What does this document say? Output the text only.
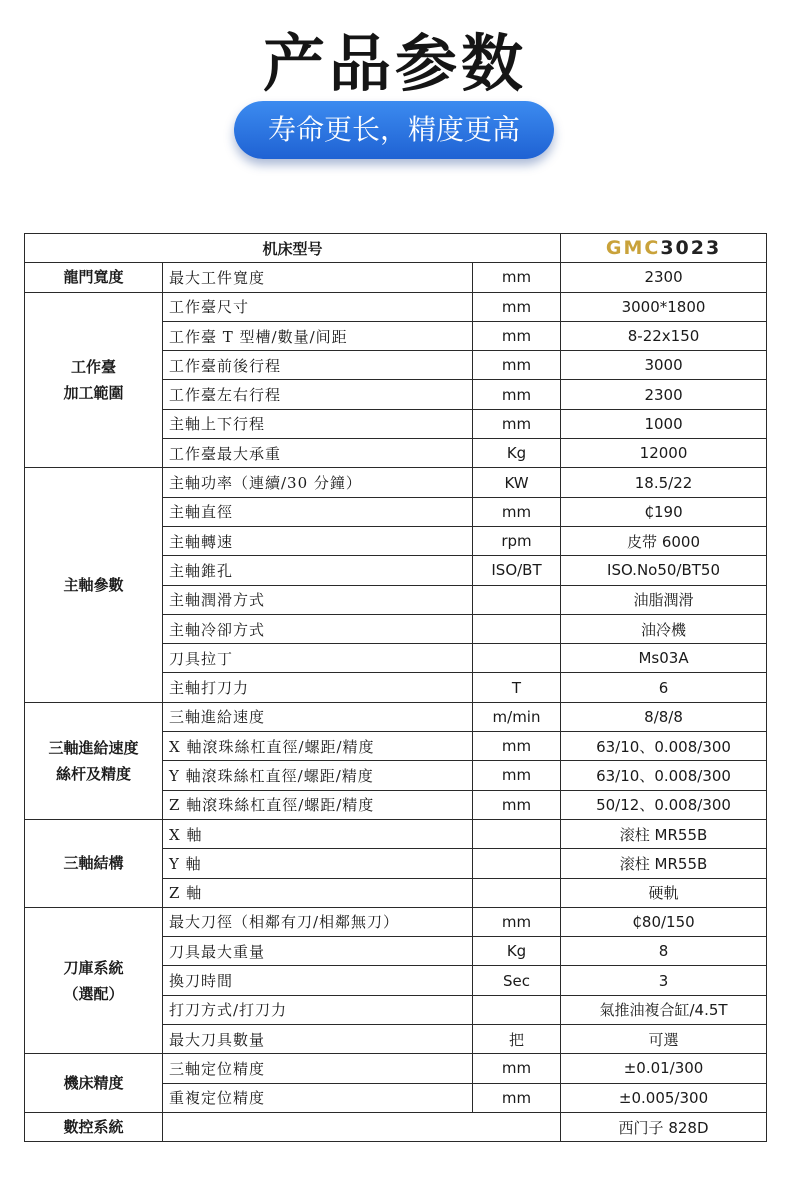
产品参数
寿命更长，精度更高
机床型号			GMC3023
龍門寬度	最大工件寬度	mm	2300
工作臺
加工範圍	工作臺尺寸	mm	3000*1800
	工作臺 T 型槽/數量/间距	mm	8-22x150
	工作臺前後行程	mm	3000
	工作臺左右行程	mm	2300
	主軸上下行程	mm	1000
	工作臺最大承重	Kg	12000
主軸參數	主軸功率（連續/30 分鐘）	KW	18.5/22
	主軸直徑	mm	₵190
	主軸轉速	rpm	皮带 6000
	主軸錐孔	ISO/BT	ISO.No50/BT50
	主軸潤滑方式		油脂潤滑
	主軸冷卻方式		油冷機
	刀具拉丁		Ms03A
	主軸打刀力	T	6
三軸進給速度
絲杆及精度	三軸進給速度	m/min	8/8/8
	X 軸滾珠絲杠直徑/螺距/精度	mm	63/10、0.008/300
	Y 軸滾珠絲杠直徑/螺距/精度	mm	63/10、0.008/300
	Z 軸滾珠絲杠直徑/螺距/精度	mm	50/12、0.008/300
三軸結構	X 軸		滚柱 MR55B
	Y 軸		滚柱 MR55B
	Z 軸		硬軌
刀庫系統
（選配）	最大刀徑（相鄰有刀/相鄰無刀）	mm	₵80/150
	刀具最大重量	Kg	8
	換刀時間	Sec	3
	打刀方式/打刀力		氣推油複合缸/4.5T
	最大刀具數量	把	可選
機床精度	三軸定位精度	mm	±0.01/300
	重複定位精度	mm	±0.005/300
數控系統			西门子 828D
